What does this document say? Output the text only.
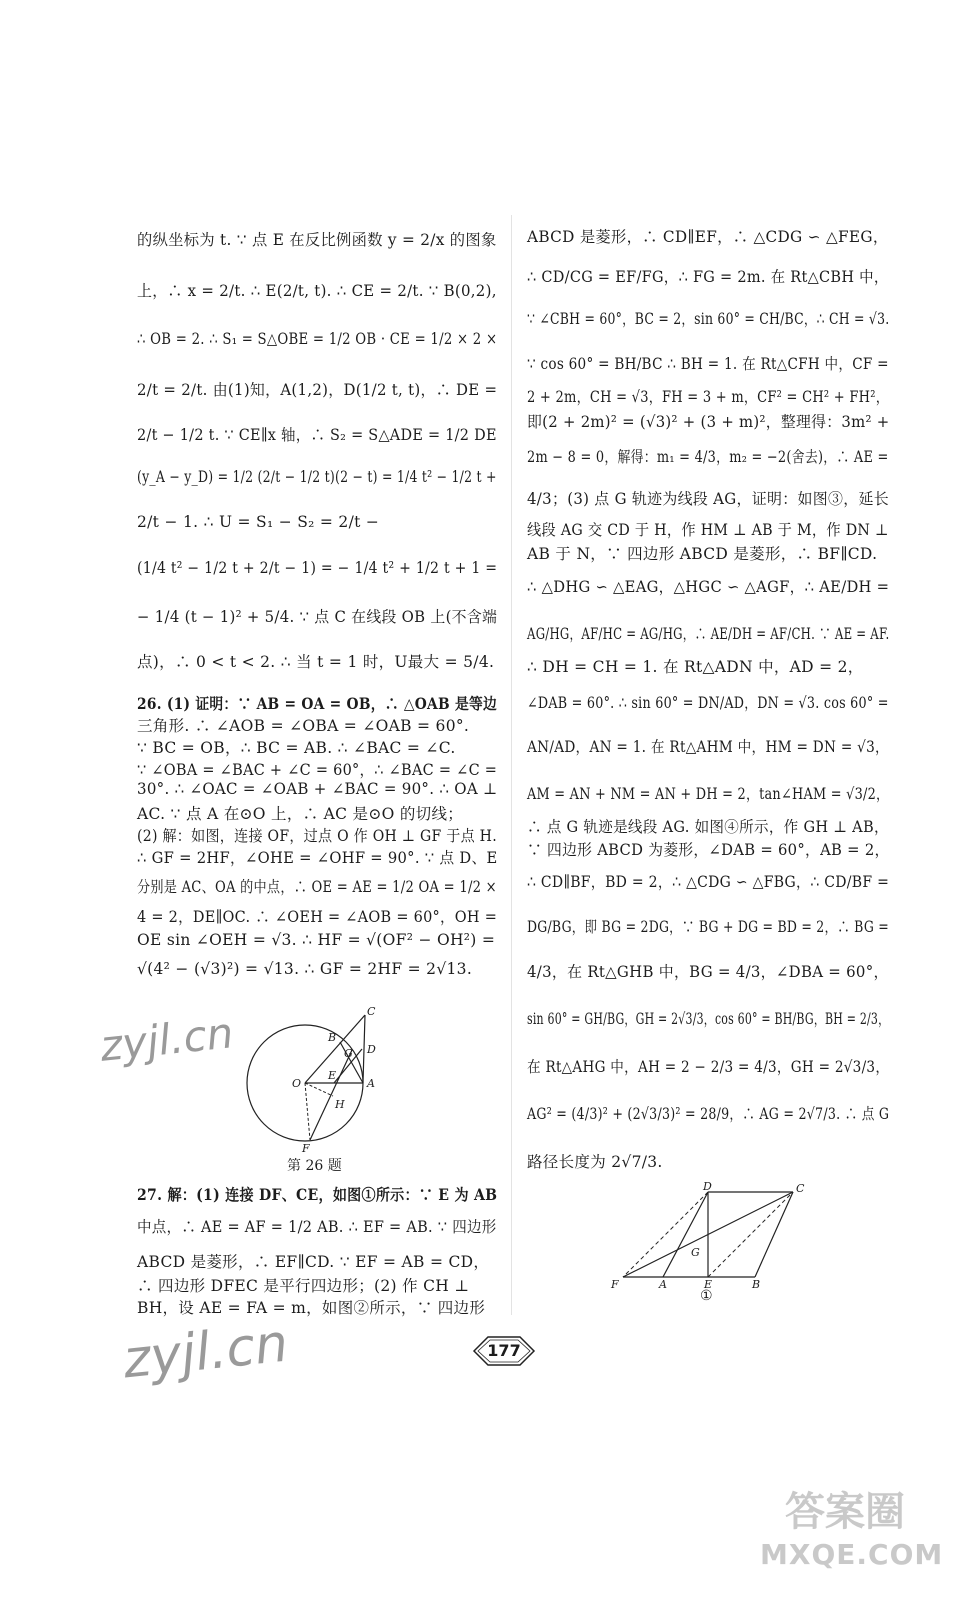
的纵坐标为 t. ∵ 点 E 在反比例函数 y = 2/x 的图象
上，∴ x = 2/t. ∴ E(2/t, t). ∴ CE = 2/t. ∵ B(0,2),
∴ OB = 2. ∴ S₁ = S△OBE = 1/2 OB · CE = 1/2 × 2 ×
2/t = 2/t. 由(1)知，A(1,2)，D(1/2 t, t)，∴ DE =
2/t − 1/2 t. ∵ CE∥x 轴，∴ S₂ = S△ADE = 1/2 DE
(y_A − y_D) = 1/2 (2/t − 1/2 t)(2 − t) = 1/4 t² − 1/2 t +
2/t − 1. ∴ U = S₁ − S₂ = 2/t −
(1/4 t² − 1/2 t + 2/t − 1) = − 1/4 t² + 1/2 t + 1 =
− 1/4 (t − 1)² + 5/4. ∵ 点 C 在线段 OB 上(不含端
点)，∴ 0 < t < 2. ∴ 当 t = 1 时，U最大 = 5/4.
26. (1) 证明：∵ AB = OA = OB，∴ △OAB 是等边
三角形. ∴ ∠AOB = ∠OBA = ∠OAB = 60°.
∵ BC = OB，∴ BC = AB. ∴ ∠BAC = ∠C.
∵ ∠OBA = ∠BAC + ∠C = 60°，∴ ∠BAC = ∠C =
30°. ∴ ∠OAC = ∠OAB + ∠BAC = 90°. ∴ OA ⊥
AC. ∵ 点 A 在⊙O 上，∴ AC 是⊙O 的切线；
(2) 解：如图，连接 OF，过点 O 作 OH ⊥ GF 于点 H.
∴ GF = 2HF，∠OHE = ∠OHF = 90°. ∵ 点 D、E
分别是 AC、OA 的中点，∴ OE = AE = 1/2 OA = 1/2 ×
4 = 2，DE∥OC. ∴ ∠OEH = ∠AOB = 60°，OH =
OE sin ∠OEH = √3. ∴ HF = √(OF² − OH²) =
√(4² − (√3)²) = √13. ∴ GF = 2HF = 2√13.
27. 解：(1) 连接 DF、CE，如图①所示：∵ E 为 AB
中点，∴ AE = AF = 1/2 AB. ∴ EF = AB. ∵ 四边形
ABCD 是菱形，∴ EF∥CD. ∵ EF = AB = CD，
∴ 四边形 DFEC 是平行四边形；(2) 作 CH ⊥
BH，设 AE = FA = m，如图②所示，∵ 四边形
ABCD 是菱形，∴ CD∥EF，∴ △CDG ∽ △FEG，
∴ CD/CG = EF/FG，∴ FG = 2m. 在 Rt△CBH 中，
∵ ∠CBH = 60°，BC = 2，sin 60° = CH/BC，∴ CH = √3.
∵ cos 60° = BH/BC ∴ BH = 1. 在 Rt△CFH 中，CF =
2 + 2m，CH = √3，FH = 3 + m，CF² = CH² + FH²，
即(2 + 2m)² = (√3)² + (3 + m)²，整理得：3m² +
2m − 8 = 0，解得：m₁ = 4/3，m₂ = −2(舍去)，∴ AE =
4/3；(3) 点 G 轨迹为线段 AG，证明：如图③，延长
线段 AG 交 CD 于 H，作 HM ⊥ AB 于 M，作 DN ⊥
AB 于 N，∵ 四边形 ABCD 是菱形，∴ BF∥CD.
∴ △DHG ∽ △EAG，△HGC ∽ △AGF，∴ AE/DH =
AG/HG，AF/HC = AG/HG，∴ AE/DH = AF/CH. ∵ AE = AF.
∴ DH = CH = 1. 在 Rt△ADN 中，AD = 2，
∠DAB = 60°. ∴ sin 60° = DN/AD，DN = √3. cos 60° =
AN/AD，AN = 1. 在 Rt△AHM 中，HM = DN = √3，
AM = AN + NM = AN + DH = 2，tan∠HAM = √3/2，
∴ 点 G 轨迹是线段 AG. 如图④所示，作 GH ⊥ AB，
∵ 四边形 ABCD 为菱形，∠DAB = 60°，AB = 2，
∴ CD∥BF，BD = 2，∴ △CDG ∽ △FBG，∴ CD/BF =
DG/BG，即 BG = 2DG，∵ BG + DG = BD = 2，∴ BG =
4/3，在 Rt△GHB 中，BG = 4/3，∠DBA = 60°，
sin 60° = GH/BG，GH = 2√3/3，cos 60° = BH/BG，BH = 2/3，
在 Rt△AHG 中，AH = 2 − 2/3 = 4/3，GH = 2√3/3，
AG² = (4/3)² + (2√3/3)² = 28/9，∴ AG = 2√7/3. ∴ 点 G
路径长度为 2√7/3.
C
B
G D
O
E
A
H
F
第 26 题
D	C
G
F	A	E	B
①
177
zyjl.cn
zyjl.cn
答案圈
MXQE.COM
